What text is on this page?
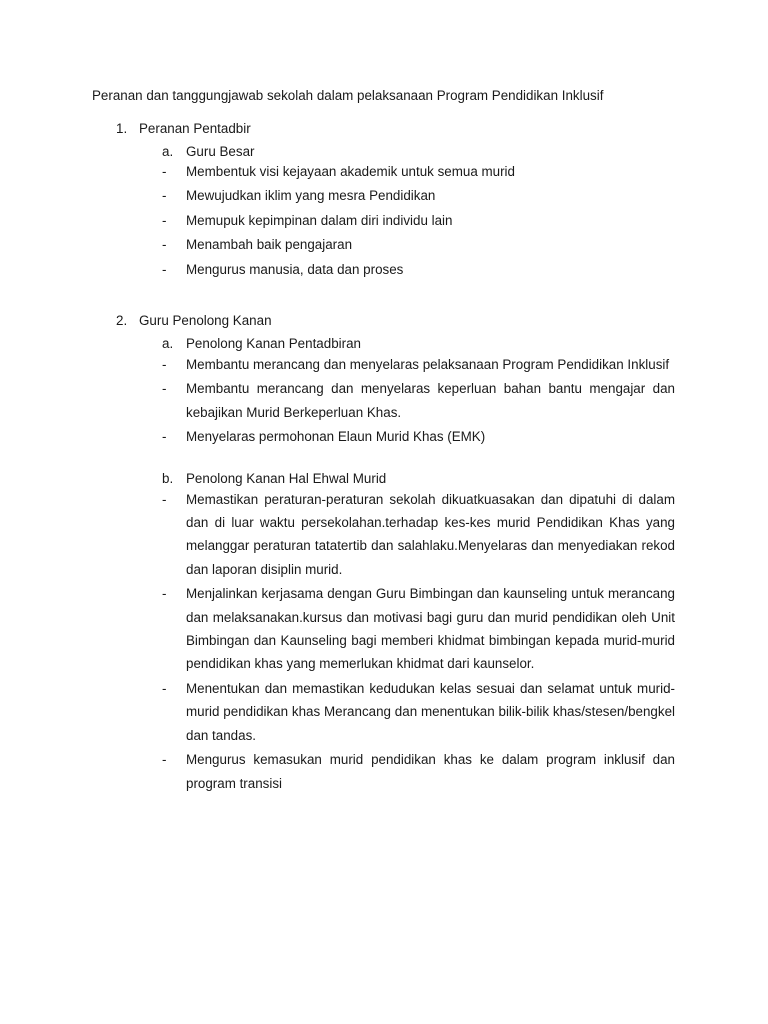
Peranan dan tanggungjawab sekolah dalam pelaksanaan Program Pendidikan Inklusif
1. Peranan Pentadbir
a. Guru Besar
- Membentuk visi kejayaan akademik untuk semua murid
- Mewujudkan iklim yang mesra Pendidikan
- Memupuk kepimpinan dalam diri individu lain
- Menambah baik pengajaran
- Mengurus manusia, data dan proses
2. Guru Penolong Kanan
a. Penolong Kanan Pentadbiran
- Membantu merancang dan menyelaras pelaksanaan Program Pendidikan Inklusif
- Membantu merancang dan menyelaras keperluan bahan bantu mengajar dan kebajikan Murid Berkeperluan Khas.
- Menyelaras permohonan Elaun Murid Khas (EMK)
b. Penolong Kanan Hal Ehwal Murid
- Memastikan peraturan-peraturan sekolah dikuatkuasakan dan dipatuhi di dalam dan di luar waktu persekolahan.terhadap kes-kes murid Pendidikan Khas yang melanggar peraturan tatatertib dan salahlaku.Menyelaras dan menyediakan rekod dan laporan disiplin murid.
- Menjalinkan kerjasama dengan Guru Bimbingan dan kaunseling untuk merancang dan melaksanakan.kursus dan motivasi bagi guru dan murid pendidikan oleh Unit Bimbingan dan Kaunseling bagi memberi khidmat bimbingan kepada murid-murid pendidikan khas yang memerlukan khidmat dari kaunselor.
- Menentukan dan memastikan kedudukan kelas sesuai dan selamat untuk murid-murid pendidikan khas Merancang dan menentukan bilik-bilik khas/stesen/bengkel dan tandas.
- Mengurus kemasukan murid pendidikan khas ke dalam program inklusif dan program transisi
